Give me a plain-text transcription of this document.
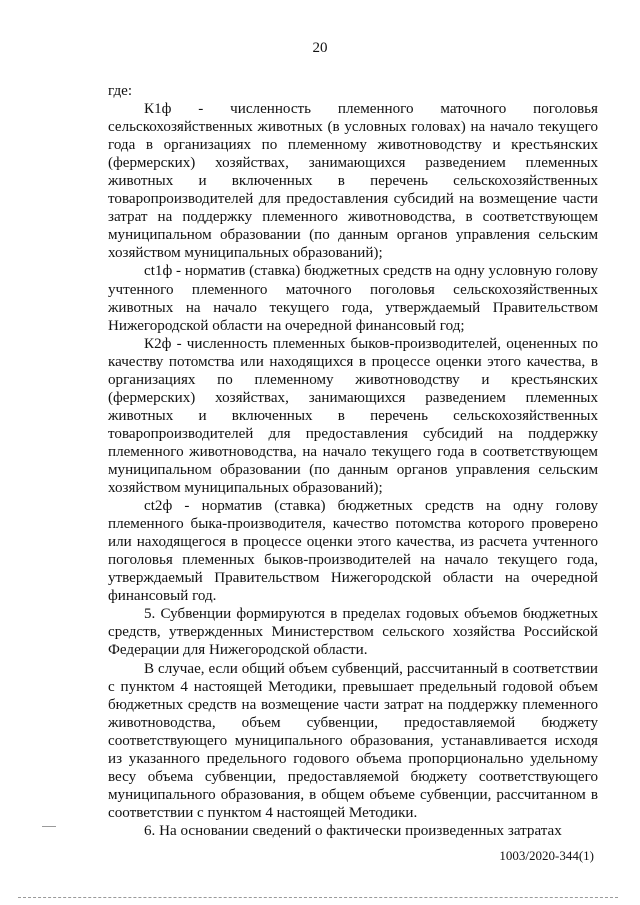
20

где:

К1ф - численность племенного маточного поголовья сельскохозяйственных животных (в условных головах) на начало текущего года в организациях по племенному животноводству и крестьянских (фермерских) хозяйствах, занимающихся разведением племенных животных и включенных в перечень сельскохозяйственных товаропроизводителей для предоставления субсидий на возмещение части затрат на поддержку племенного животноводства, в соответствующем муниципальном образовании (по данным органов управления сельским хозяйством муниципальных образований);

ct1ф - норматив (ставка) бюджетных средств на одну условную голову учтенного племенного маточного поголовья сельскохозяйственных животных на начало текущего года, утверждаемый Правительством Нижегородской области на очередной финансовый год;

К2ф - численность племенных быков-производителей, оцененных по качеству потомства или находящихся в процессе оценки этого качества, в организациях по племенному животноводству и крестьянских (фермерских) хозяйствах, занимающихся разведением племенных животных и включенных в перечень сельскохозяйственных товаропроизводителей для предоставления субсидий на поддержку племенного животноводства, на начало текущего года в соответствующем муниципальном образовании (по данным органов управления сельским хозяйством муниципальных образований);

ct2ф - норматив (ставка) бюджетных средств на одну голову племенного быка-производителя, качество потомства которого проверено или находящегося в процессе оценки этого качества, из расчета учтенного поголовья племенных быков-производителей на начало текущего года, утверждаемый Правительством Нижегородской области на очередной финансовый год.

5. Субвенции формируются в пределах годовых объемов бюджетных средств, утвержденных Министерством сельского хозяйства Российской Федерации для Нижегородской области.

В случае, если общий объем субвенций, рассчитанный в соответствии с пунктом 4 настоящей Методики, превышает предельный годовой объем бюджетных средств на возмещение части затрат на поддержку племенного животноводства, объем субвенции, предоставляемой бюджету соответствующего муниципального образования, устанавливается исходя из указанного предельного годового объема пропорционально удельному весу объема субвенции, предоставляемой бюджету соответствующего муниципального образования, в общем объеме субвенции, рассчитанном в соответствии с пунктом 4 настоящей Методики.

6. На основании сведений о фактически произведенных затратах

1003/2020-344(1)
